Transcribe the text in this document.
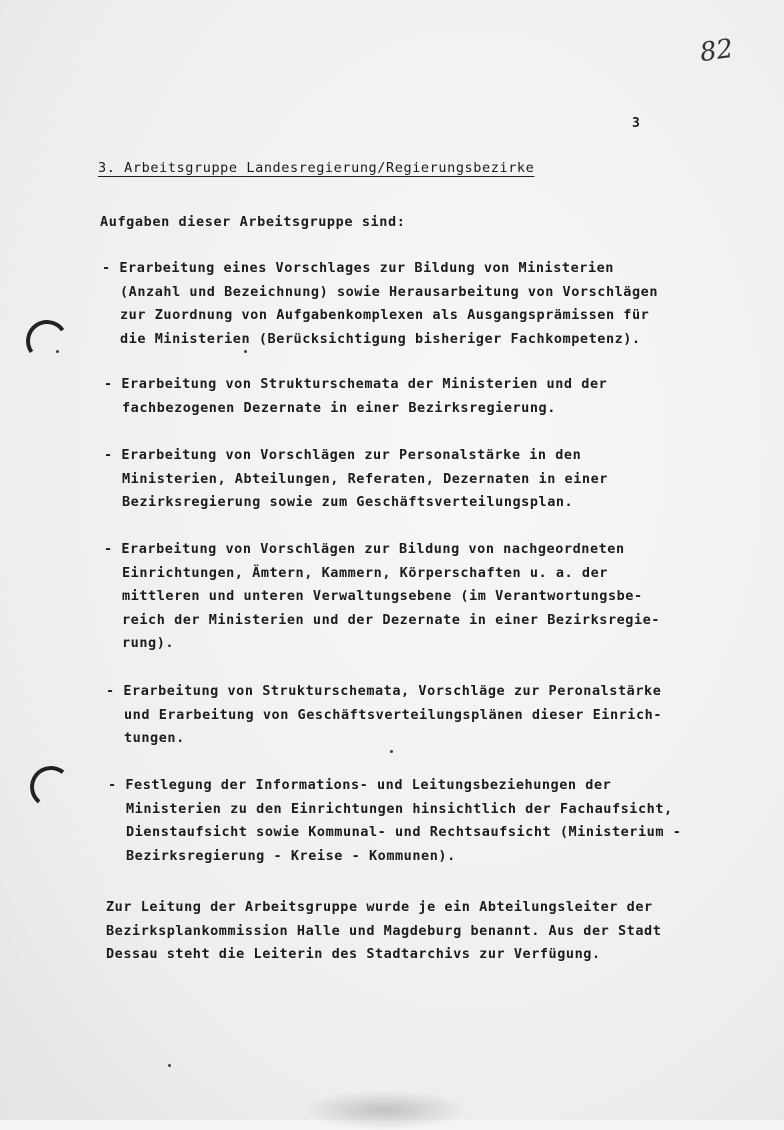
82
3
3. Arbeitsgruppe Landesregierung/Regierungsbezirke
Aufgaben dieser Arbeitsgruppe sind:
- Erarbeitung eines Vorschlages zur Bildung von Ministerien
(Anzahl und Bezeichnung) sowie Herausarbeitung von Vorschlägen
zur Zuordnung von Aufgabenkomplexen als Ausgangsprämissen für
die Ministerien (Berücksichtigung bisheriger Fachkompetenz).
- Erarbeitung von Strukturschemata der Ministerien und der
fachbezogenen Dezernate in einer Bezirksregierung.
- Erarbeitung von Vorschlägen zur Personalstärke in den
Ministerien, Abteilungen, Referaten, Dezernaten in einer
Bezirksregierung sowie zum Geschäftsverteilungsplan.
- Erarbeitung von Vorschlägen zur Bildung von nachgeordneten
Einrichtungen, Ämtern, Kammern, Körperschaften u. a. der
mittleren und unteren Verwaltungsebene (im Verantwortungsbe-
reich der Ministerien und der Dezernate in einer Bezirksregie-
rung).
- Erarbeitung von Strukturschemata, Vorschläge zur Peronalstärke
und Erarbeitung von Geschäftsverteilungsplänen dieser Einrich-
tungen.
- Festlegung der Informations- und Leitungsbeziehungen der
Ministerien zu den Einrichtungen hinsichtlich der Fachaufsicht,
Dienstaufsicht sowie Kommunal- und Rechtsaufsicht (Ministerium -
Bezirksregierung - Kreise - Kommunen).
Zur Leitung der Arbeitsgruppe wurde je ein Abteilungsleiter der
Bezirksplankommission Halle und Magdeburg benannt. Aus der Stadt
Dessau steht die Leiterin des Stadtarchivs zur Verfügung.
